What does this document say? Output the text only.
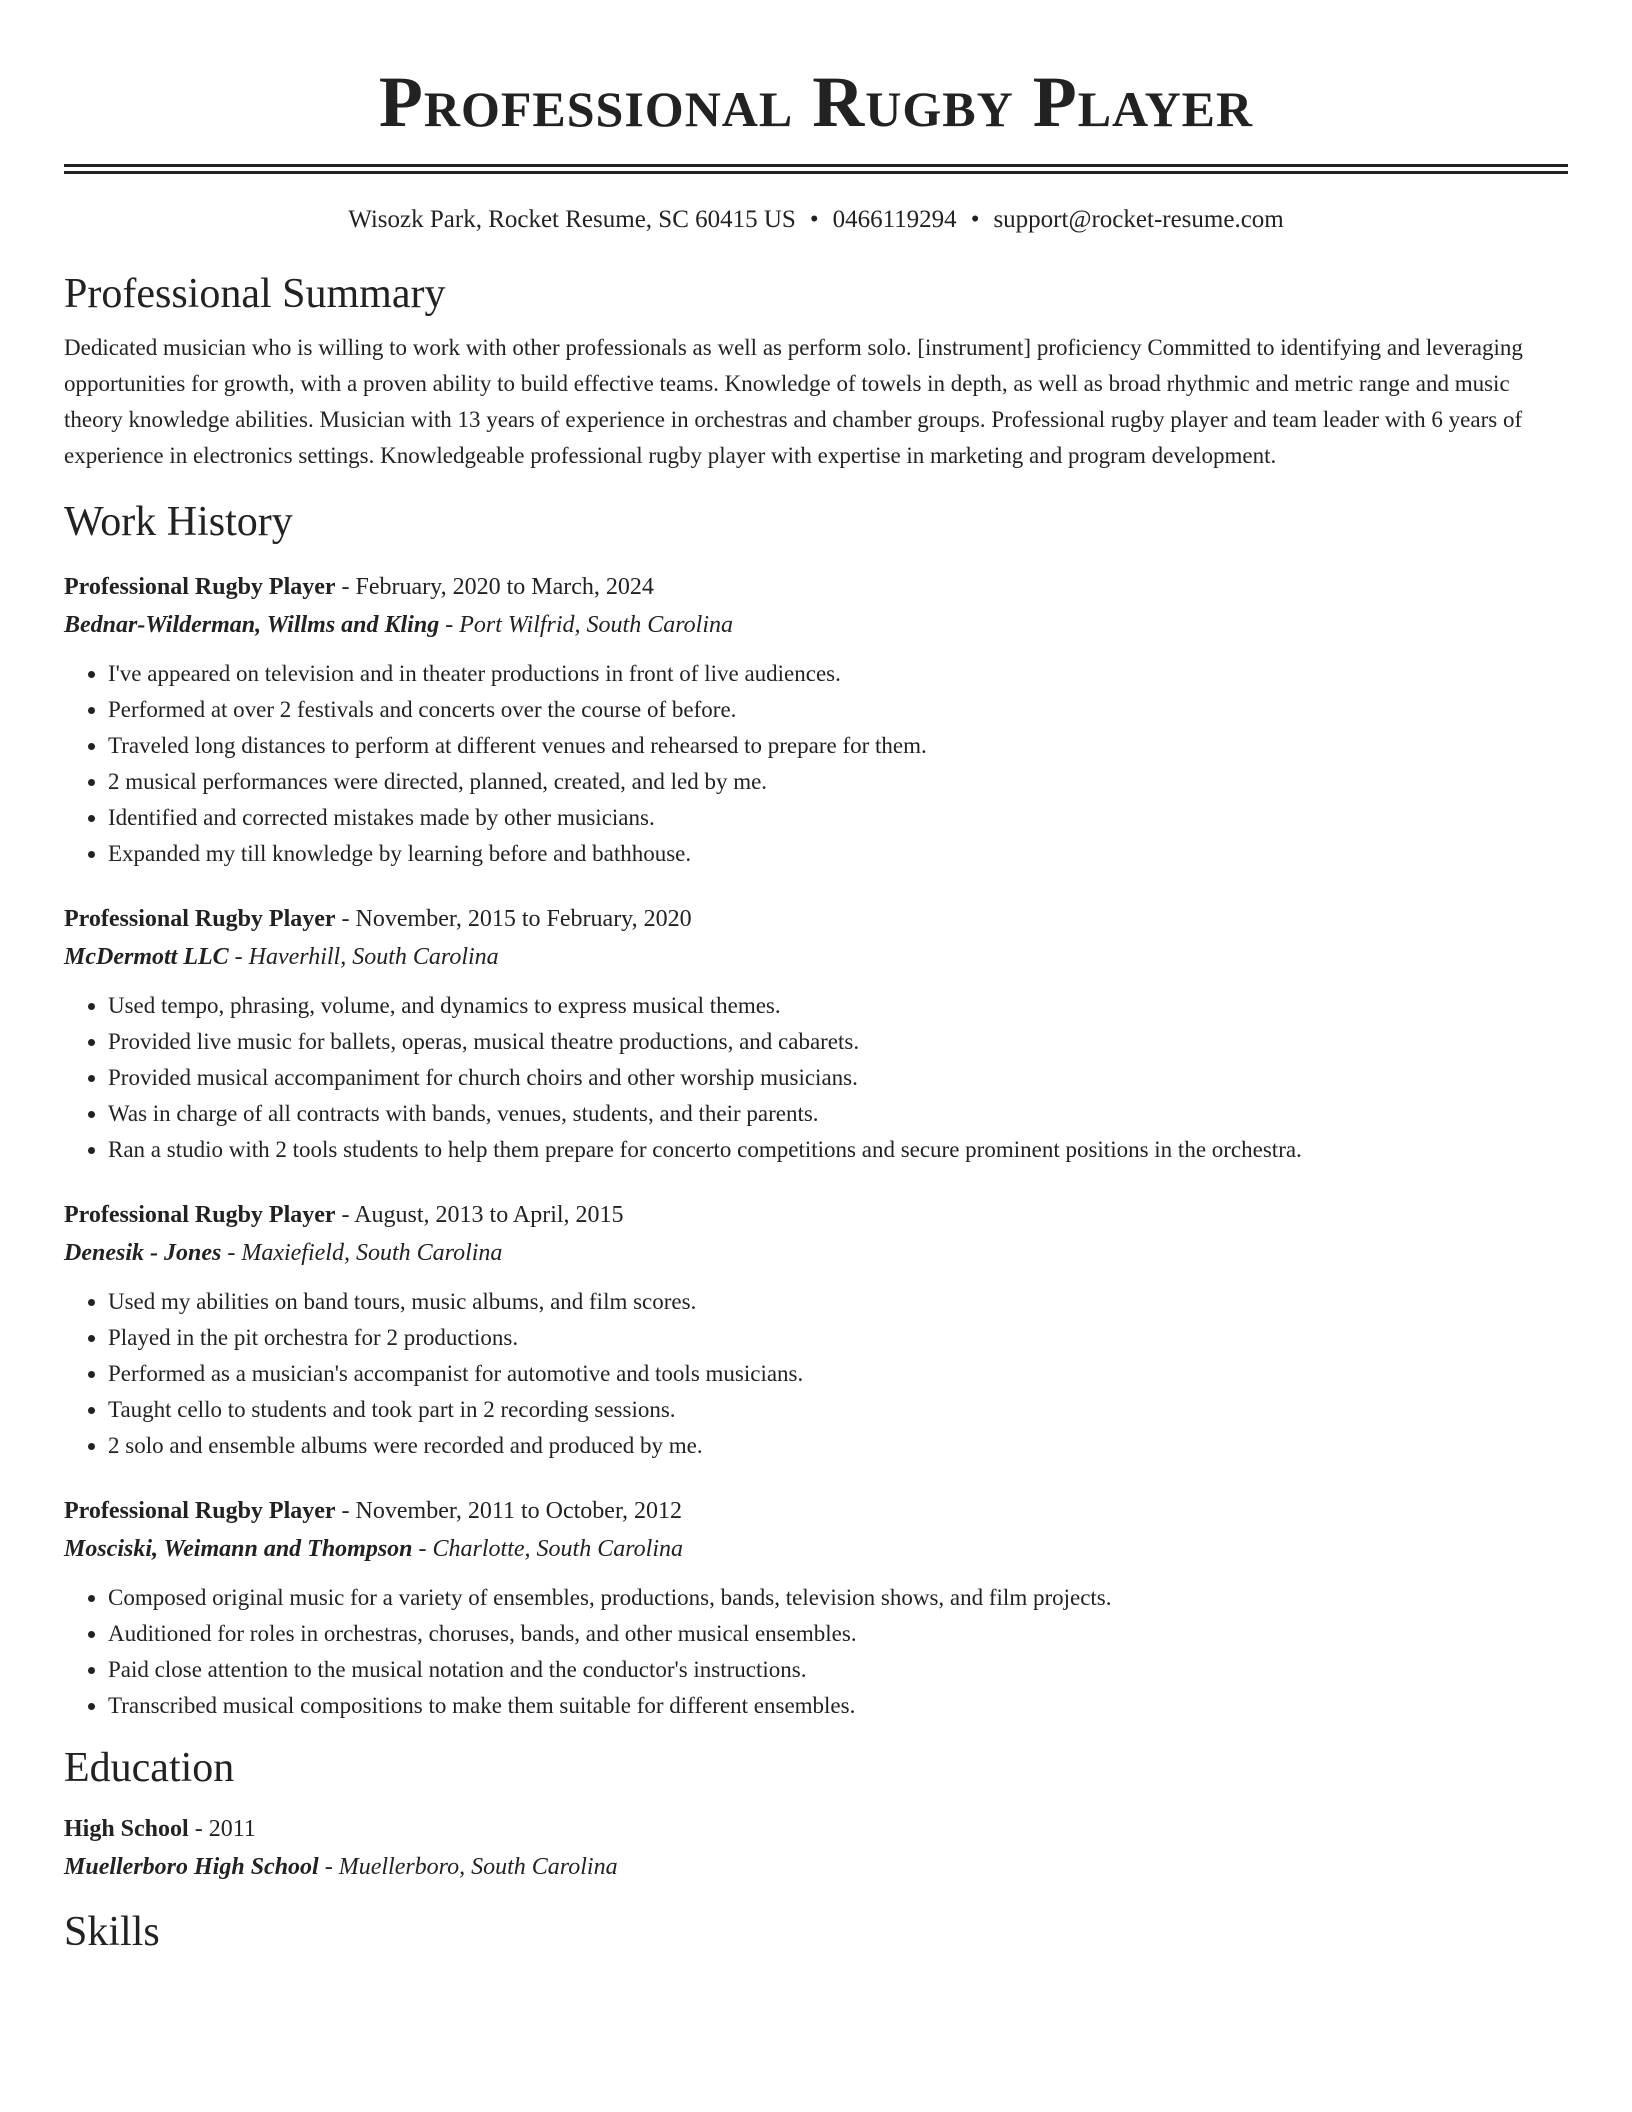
Professional Rugby Player
Wisozk Park, Rocket Resume, SC 60415 US • 0466119294 • support@rocket-resume.com
Professional Summary
Dedicated musician who is willing to work with other professionals as well as perform solo. [instrument] proficiency Committed to identifying and leveraging opportunities for growth, with a proven ability to build effective teams. Knowledge of towels in depth, as well as broad rhythmic and metric range and music theory knowledge abilities. Musician with 13 years of experience in orchestras and chamber groups. Professional rugby player and team leader with 6 years of experience in electronics settings. Knowledgeable professional rugby player with expertise in marketing and program development.
Work History
Professional Rugby Player - February, 2020 to March, 2024
Bednar-Wilderman, Willms and Kling - Port Wilfrid, South Carolina
• I've appeared on television and in theater productions in front of live audiences.
• Performed at over 2 festivals and concerts over the course of before.
• Traveled long distances to perform at different venues and rehearsed to prepare for them.
• 2 musical performances were directed, planned, created, and led by me.
• Identified and corrected mistakes made by other musicians.
• Expanded my till knowledge by learning before and bathhouse.
Professional Rugby Player - November, 2015 to February, 2020
McDermott LLC - Haverhill, South Carolina
• Used tempo, phrasing, volume, and dynamics to express musical themes.
• Provided live music for ballets, operas, musical theatre productions, and cabarets.
• Provided musical accompaniment for church choirs and other worship musicians.
• Was in charge of all contracts with bands, venues, students, and their parents.
• Ran a studio with 2 tools students to help them prepare for concerto competitions and secure prominent positions in the orchestra.
Professional Rugby Player - August, 2013 to April, 2015
Denesik - Jones - Maxiefield, South Carolina
• Used my abilities on band tours, music albums, and film scores.
• Played in the pit orchestra for 2 productions.
• Performed as a musician's accompanist for automotive and tools musicians.
• Taught cello to students and took part in 2 recording sessions.
• 2 solo and ensemble albums were recorded and produced by me.
Professional Rugby Player - November, 2011 to October, 2012
Mosciski, Weimann and Thompson - Charlotte, South Carolina
• Composed original music for a variety of ensembles, productions, bands, television shows, and film projects.
• Auditioned for roles in orchestras, choruses, bands, and other musical ensembles.
• Paid close attention to the musical notation and the conductor's instructions.
• Transcribed musical compositions to make them suitable for different ensembles.
Education
High School - 2011
Muellerboro High School - Muellerboro, South Carolina
Skills
